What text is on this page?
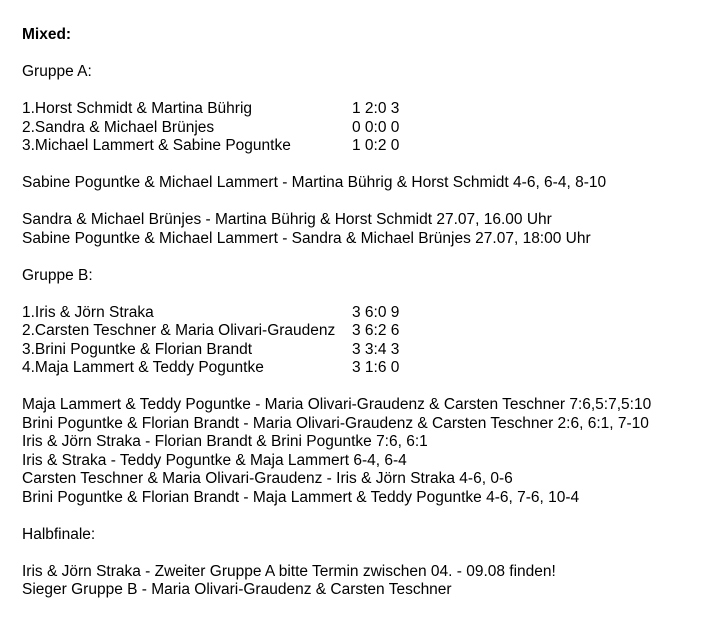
Mixed:
Gruppe A:
1.Horst Schmidt & Martina Bührig	1 2:0 3
2.Sandra & Michael Brünjes	0 0:0 0
3.Michael Lammert & Sabine Poguntke	1 0:2 0
Sabine Poguntke & Michael Lammert - Martina Bührig & Horst Schmidt 4-6, 6-4, 8-10
Sandra & Michael Brünjes - Martina Bührig & Horst Schmidt 27.07, 16.00 Uhr
Sabine Poguntke & Michael Lammert - Sandra & Michael Brünjes 27.07, 18:00 Uhr
Gruppe B:
1.Iris & Jörn Straka	3 6:0 9
2.Carsten Teschner & Maria Olivari-Graudenz 3 6:2 6
3.Brini Poguntke & Florian Brandt	3 3:4 3
4.Maja Lammert & Teddy Poguntke	3 1:6 0
Maja Lammert & Teddy Poguntke - Maria Olivari-Graudenz & Carsten Teschner 7:6,5:7,5:10
Brini Poguntke & Florian Brandt - Maria Olivari-Graudenz & Carsten Teschner 2:6, 6:1, 7-10
Iris & Jörn Straka - Florian Brandt & Brini Poguntke 7:6, 6:1
Iris & Straka - Teddy Poguntke & Maja Lammert 6-4, 6-4
Carsten Teschner & Maria Olivari-Graudenz - Iris & Jörn Straka 4-6, 0-6
Brini Poguntke & Florian Brandt - Maja Lammert & Teddy Poguntke 4-6, 7-6, 10-4
Halbfinale:
Iris & Jörn Straka - Zweiter Gruppe A bitte Termin zwischen 04. - 09.08 finden!
Sieger Gruppe B - Maria Olivari-Graudenz & Carsten Teschner
